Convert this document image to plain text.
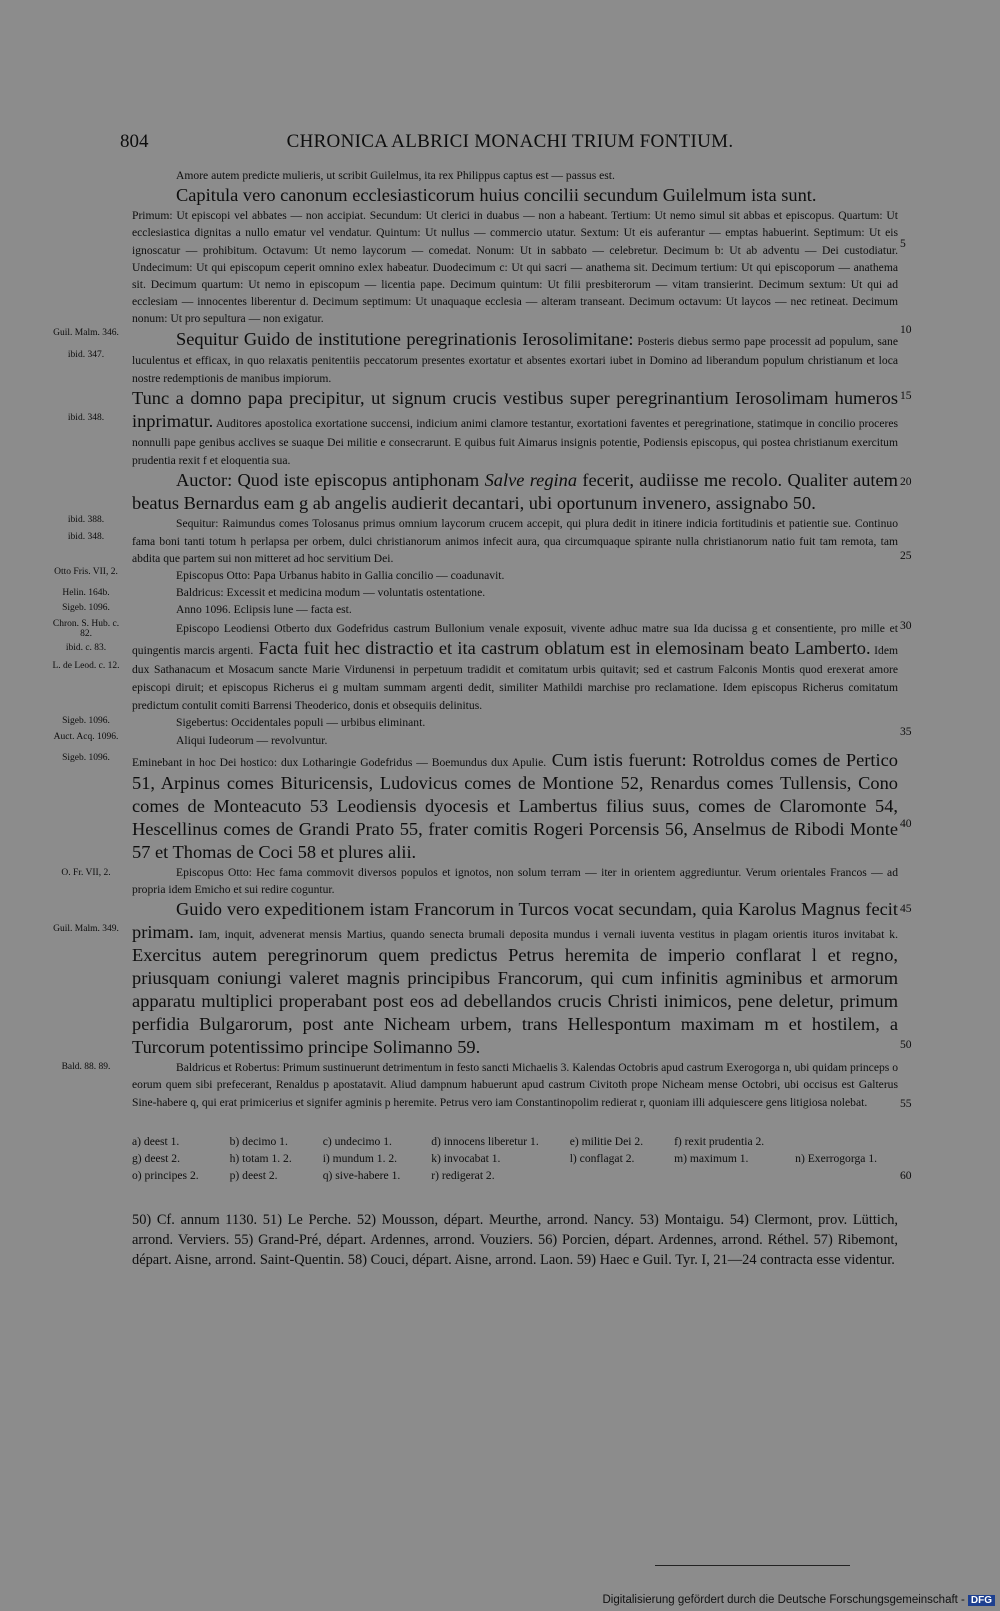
804	CHRONICA ALBRICI MONACHI TRIUM FONTIUM.

Amore autem predicte mulieris, ut scribit Guilelmus, ita rex Philippus captus est — passus est.

Capitula vero canonum ecclesiasticorum huius concilii secundum Guilelmum ista sunt.

5
10

Primum: Ut episcopi vel abbates — non accipiat. Secundum: Ut clerici in duabus — non a habeant. Tertium: Ut nemo simul sit abbas et episcopus. Quartum: Ut ecclesiastica dignitas a nullo ematur vel vendatur. Quintum: Ut nullus — commercio utatur. Sextum: Ut eis auferantur — emptas habuerint. Septimum: Ut eis ignoscatur — prohibitum. Octavum: Ut nemo laycorum — comedat. Nonum: Ut in sabbato — celebretur. Decimum b: Ut ab adventu — Dei custodiatur. Undecimum: Ut qui episcopum ceperit omnino exlex habeatur. Duodecimum c: Ut qui sacri — anathema sit. Decimum tertium: Ut qui episcoporum — anathema sit. Decimum quartum: Ut nemo in episcopum — licentia pape. Decimum quintum: Ut filii presbiterorum — vitam transierint. Decimum sextum: Ut qui ad ecclesiam — innocentes liberentur d. Decimum septimum: Ut unaquaque ecclesia — alteram transeant. Decimum octavum: Ut laycos — nec retineat. Decimum nonum: Ut pro sepultura — non exigatur.

Guil. Malm. 346.
ibid. 347.

Sequitur Guido de institutione peregrinationis Ierosolimitane: Posteris diebus sermo pape processit ad populum, sane luculentus et efficax, in quo relaxatis penitentiis peccatorum presentes exortatur et absentes exortari iubet in Domino ad liberandum populum christianum et loca nostre redemptionis de manibus impiorum.

15
ibid. 348.

Tunc a domno papa precipitur, ut signum crucis vestibus super peregrinantium Ierosolimam humeros inprimatur. Auditores apostolica exortatione succensi, indicium animi clamore testantur, exortationi faventes et peregrinatione, statimque in concilio proceres nonnulli pape genibus acclives se suaque Dei militie e consecrarunt. E quibus fuit Aimarus insignis potentie, Podiensis episcopus, qui postea christianum exercitum prudentia rexit f et eloquentia sua.

20

Auctor: Quod iste episcopus antiphonam Salve regina fecerit, audiisse me recolo. Qualiter autem beatus Bernardus eam g ab angelis audierit decantari, ubi oportunum invenero, assignabo 50.

ibid. 388.
ibid. 348.
25

Sequitur: Raimundus comes Tolosanus primus omnium laycorum crucem accepit, qui plura dedit in itinere indicia fortitudinis et patientie sue. Continuo fama boni tanti totum h perlapsa per orbem, dulci christianorum animos infecit aura, qua circumquaque spirante nulla christianorum natio fuit tam remota, tam abdita que partem sui non mitteret ad hoc servitium Dei.

Otto Fris. VII, 2.	Episcopus Otto: Papa Urbanus habito in Gallia concilio — coadunavit.

Helin. 164b.	Baldricus: Excessit et medicina modum — voluntatis ostentatione.

Sigeb. 1096.	Anno 1096. Eclipsis lune — facta est.

Chron. S. Hub. c. 82.
ibid. c. 83.
L. de Leod. c. 12.
30
35

Episcopo Leodiensi Otberto dux Godefridus castrum Bullonium venale exposuit, vivente adhuc matre sua Ida ducissa g et consentiente, pro mille et quingentis marcis argenti. Facta fuit hec distractio et ita castrum oblatum est in elemosinam beato Lamberto. Idem dux Sathanacum et Mosacum sancte Marie Virdunensi in perpetuum tradidit et comitatum urbis quitavit; sed et castrum Falconis Montis quod erexerat amore episcopi diruit; et episcopus Richerus ei g multam summam argenti dedit, similiter Mathildi marchise pro reclamatione. Idem episcopus Richerus comitatum predictum contulit comiti Barrensi Theoderico, donis et obsequiis delinitus.

Sigeb. 1096.	Sigebertus: Occidentales populi — urbibus eliminant.

Auct. Acq. 1096.	Aliqui Iudeorum — revolvuntur.

Sigeb. 1096.
40

Eminebant in hoc Dei hostico: dux Lotharingie Godefridus — Boemundus dux Apulie. Cum istis fuerunt: Rotroldus comes de Pertico 51, Arpinus comes Bituricensis, Ludovicus comes de Montione 52, Renardus comes Tullensis, Cono comes de Monteacuto 53 Leodiensis dyocesis et Lambertus filius suus, comes de Claromonte 54, Hescellinus comes de Grandi Prato 55, frater comitis Rogeri Porcensis 56, Anselmus de Ribodi Monte 57 et Thomas de Coci 58 et plures alii.

O. Fr. VII, 2.	Episcopus Otto: Hec fama commovit diversos populos et ignotos, non solum terram — iter in orientem aggrediuntur. Verum orientales Francos — ad propria idem Emicho et sui redire coguntur.

45
Guil. Malm. 349.
50

Guido vero expeditionem istam Francorum in Turcos vocat secundam, quia Karolus Magnus fecit primam. Iam, inquit, advenerat mensis Martius, quando senecta brumali deposita mundus i vernali iuventa vestitus in plagam orientis ituros invitabat k. Exercitus autem peregrinorum quem predictus Petrus heremita de imperio conflarat l et regno, priusquam coniungi valeret magnis principibus Francorum, qui cum infinitis agminibus et armorum apparatu multiplici properabant post eos ad debellandos crucis Christi inimicos, pene deletur, primum perfidia Bulgarorum, post ante Nicheam urbem, trans Hellespontum maximam m et hostilem, a Turcorum potentissimo principe Solimanno 59.

Bald. 88. 89.
55

Baldricus et Robertus: Primum sustinuerunt detrimentum in festo sancti Michaelis 3. Kalendas Octobris apud castrum Exerogorga n, ubi quidam princeps o eorum quem sibi prefecerant, Renaldus p apostatavit. Aliud dampnum habuerunt apud castrum Civitoth prope Nicheam mense Octobri, ubi occisus est Galterus Sine-habere q, qui erat primicerius et signifer agminis p heremite. Petrus vero iam Constantinopolim redierat r, quoniam illi adquiescere gens litigiosa nolebat.

60
a) deest 1.	b) decimo 1.	c) undecimo 1.	d) innocens liberetur 1.	e) militie Dei 2.	f) rexit prudentia 2.
g) deest 2.	h) totam 1. 2.	i) mundum 1. 2.	k) invocabat 1.	l) conflagat 2.	m) maximum 1.	n) Exerrogorga 1.
o) principes 2.	p) deest 2.	q) sive-habere 1.	r) redigerat 2.

50) Cf. annum 1130. 51) Le Perche. 52) Mousson, départ. Meurthe, arrond. Nancy. 53) Montaigu. 54) Clermont, prov. Lüttich, arrond. Verviers. 55) Grand-Pré, départ. Ardennes, arrond. Vouziers. 56) Porcien, départ. Ardennes, arrond. Réthel. 57) Ribemont, départ. Aisne, arrond. Saint-Quentin. 58) Couci, départ. Aisne, arrond. Laon. 59) Haec e Guil. Tyr. I, 21—24 contracta esse videntur.

Digitalisierung gefördert durch die Deutsche Forschungsgemeinschaft - DFG
